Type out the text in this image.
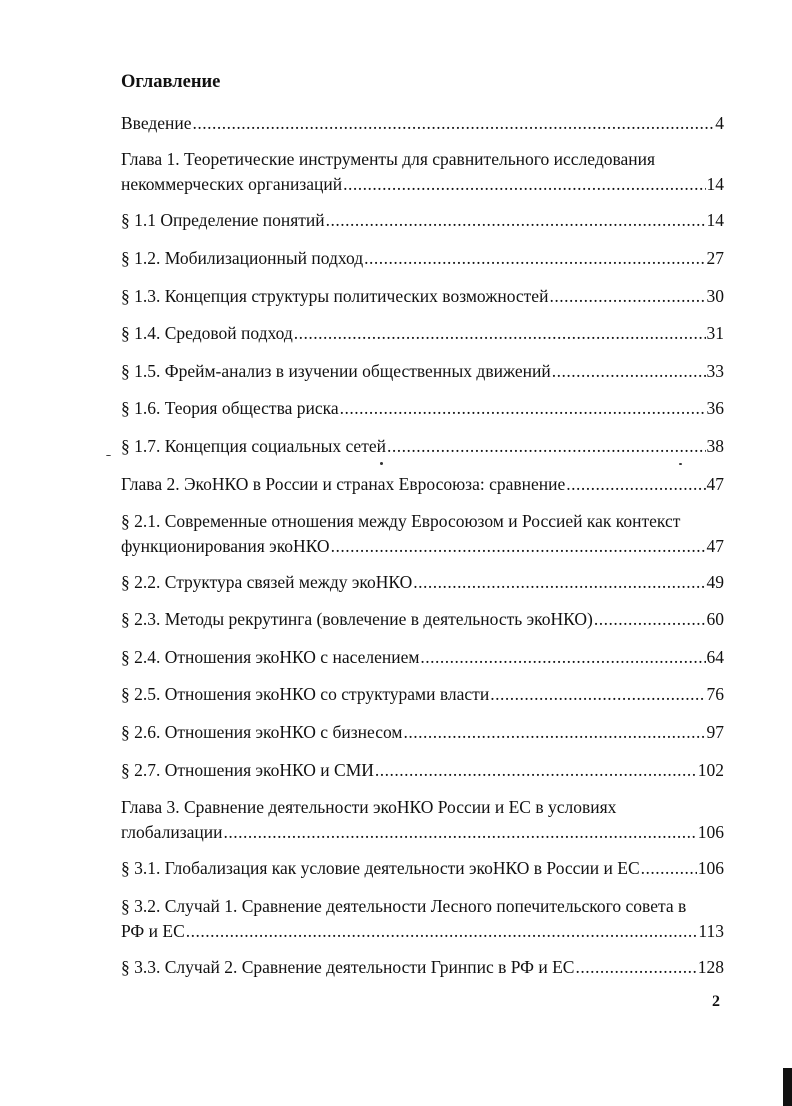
Оглавление
Введение .....	4
Глава 1. Теоретические инструменты для сравнительного исследования
некоммерческих организаций .....	14
§ 1.1 Определение понятий .....	14
§ 1.2. Мобилизационный подход .....	27
§ 1.3. Концепция структуры политических возможностей .....	30
§ 1.4. Средовой подход .....	31
§ 1.5. Фрейм-анализ в изучении общественных движений .....	33
§ 1.6. Теория общества риска .....	36
§ 1.7. Концепция социальных сетей .....	38
Глава 2. ЭкоНКО в России и странах Евросоюза: сравнение .....	47
§ 2.1. Современные отношения между Евросоюзом и Россией как контекст
функционирования экоНКО .....	47
§ 2.2. Структура связей между экоНКО .....	49
§ 2.3. Методы рекрутинга (вовлечение в деятельность экоНКО) .....	60
§ 2.4. Отношения экоНКО с населением .....	64
§ 2.5. Отношения экоНКО со структурами власти .....	76
§ 2.6. Отношения экоНКО с бизнесом .....	97
§ 2.7. Отношения экоНКО и СМИ .....	102
Глава 3. Сравнение деятельности экоНКО России и ЕС в условиях
глобализации .....	106
§ 3.1. Глобализация как условие деятельности экоНКО в России и ЕС .....	106
§ 3.2. Случай 1. Сравнение деятельности Лесного попечительского совета в
РФ и ЕС .....	113
§ 3.3. Случай 2. Сравнение деятельности Гринпис в РФ и ЕС .....	128
2
